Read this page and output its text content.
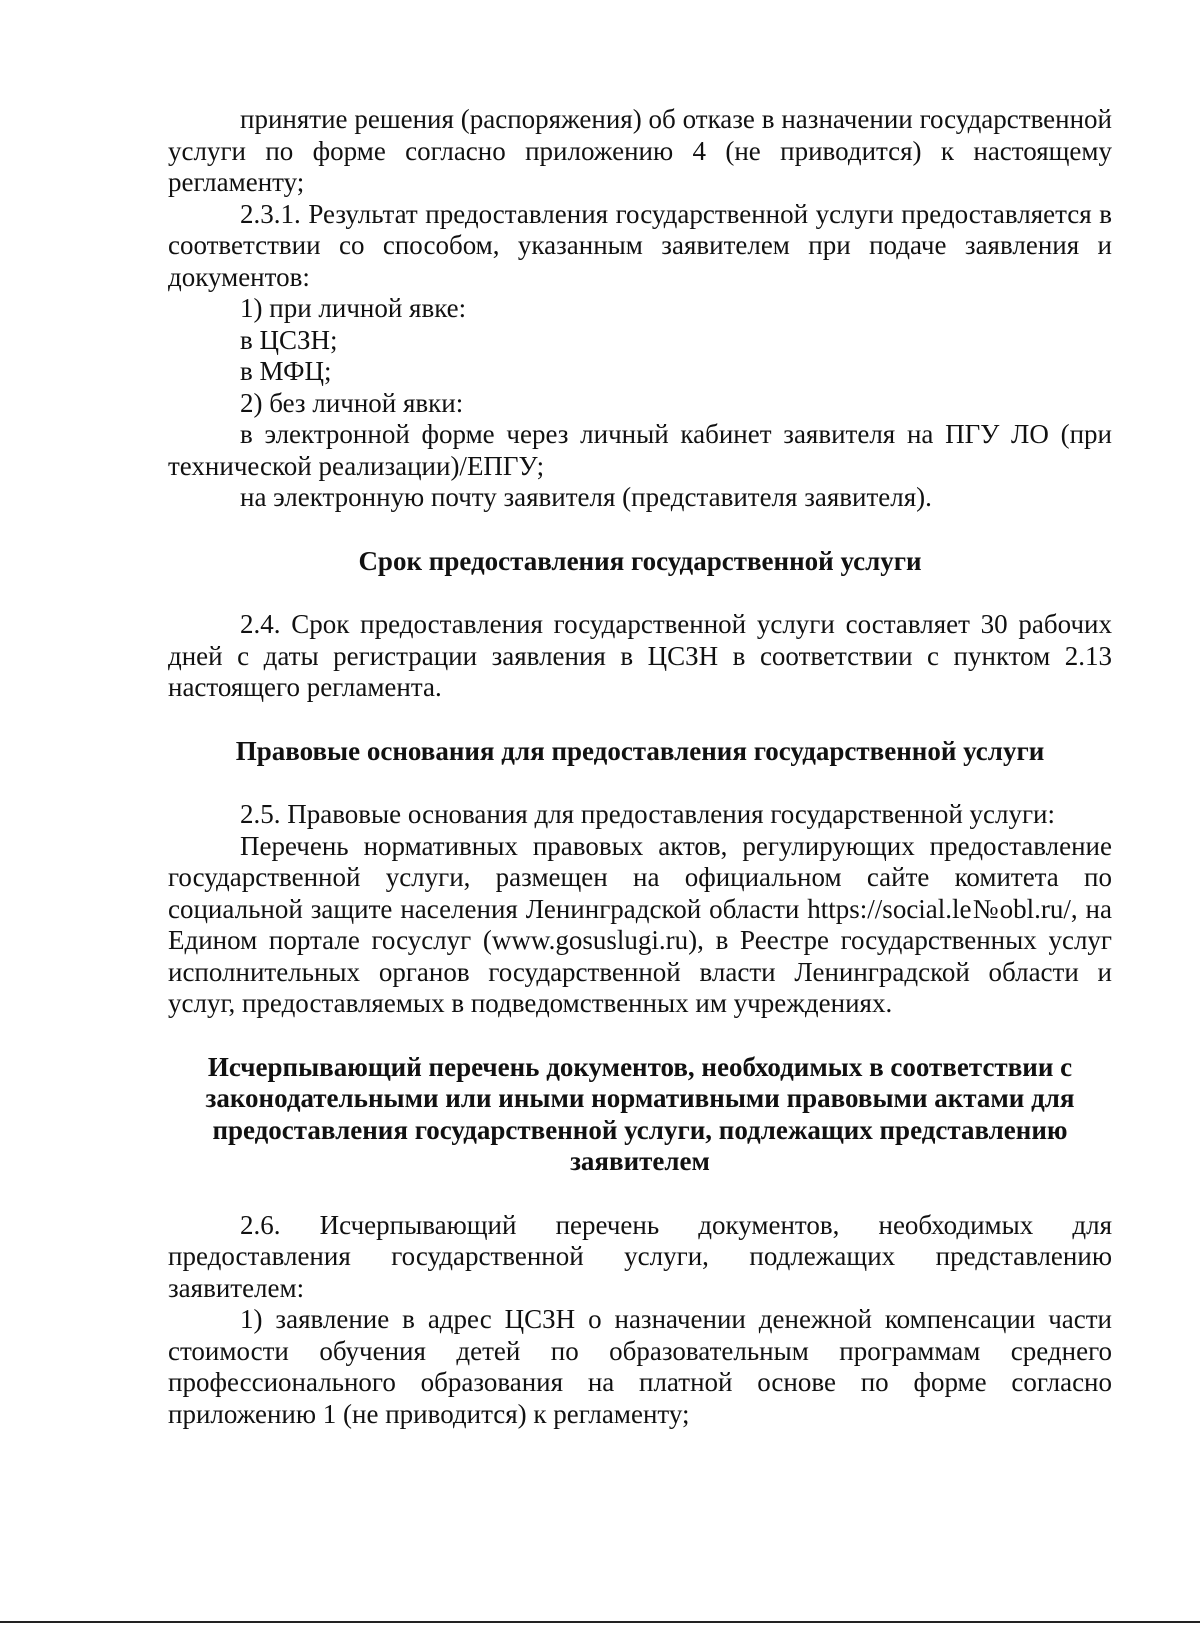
принятие решения (распоряжения) об отказе в назначении государственной услуги по форме согласно приложению 4 (не приводится) к настоящему регламенту;

2.3.1. Результат предоставления государственной услуги предоставляется в соответствии со способом, указанным заявителем при подаче заявления и документов:

1) при личной явке:

в ЦСЗН;

в МФЦ;

2) без личной явки:

в электронной форме через личный кабинет заявителя на ПГУ ЛО (при технической реализации)/ЕПГУ;

на электронную почту заявителя (представителя заявителя).

Срок предоставления государственной услуги

2.4. Срок предоставления государственной услуги составляет 30 рабочих дней с даты регистрации заявления в ЦСЗН в соответствии с пунктом 2.13 настоящего регламента.

Правовые основания для предоставления государственной услуги

2.5. Правовые основания для предоставления государственной услуги:

Перечень нормативных правовых актов, регулирующих предоставление государственной услуги, размещен на официальном сайте комитета по социальной защите населения Ленинградской области https://social.le№obl.ru/, на Едином портале госуслуг (www.gosuslugi.ru), в Реестре государственных услуг исполнительных органов государственной власти Ленинградской области и услуг, предоставляемых в подведомственных им учреждениях.

Исчерпывающий перечень документов, необходимых в соответствии с законодательными или иными нормативными правовыми актами для предоставления государственной услуги, подлежащих представлению заявителем

2.6. Исчерпывающий перечень документов, необходимых для предоставления государственной услуги, подлежащих представлению заявителем:

1) заявление в адрес ЦСЗН о назначении денежной компенсации части стоимости обучения детей по образовательным программам среднего профессионального образования на платной основе по форме согласно приложению 1 (не приводится) к регламенту;
